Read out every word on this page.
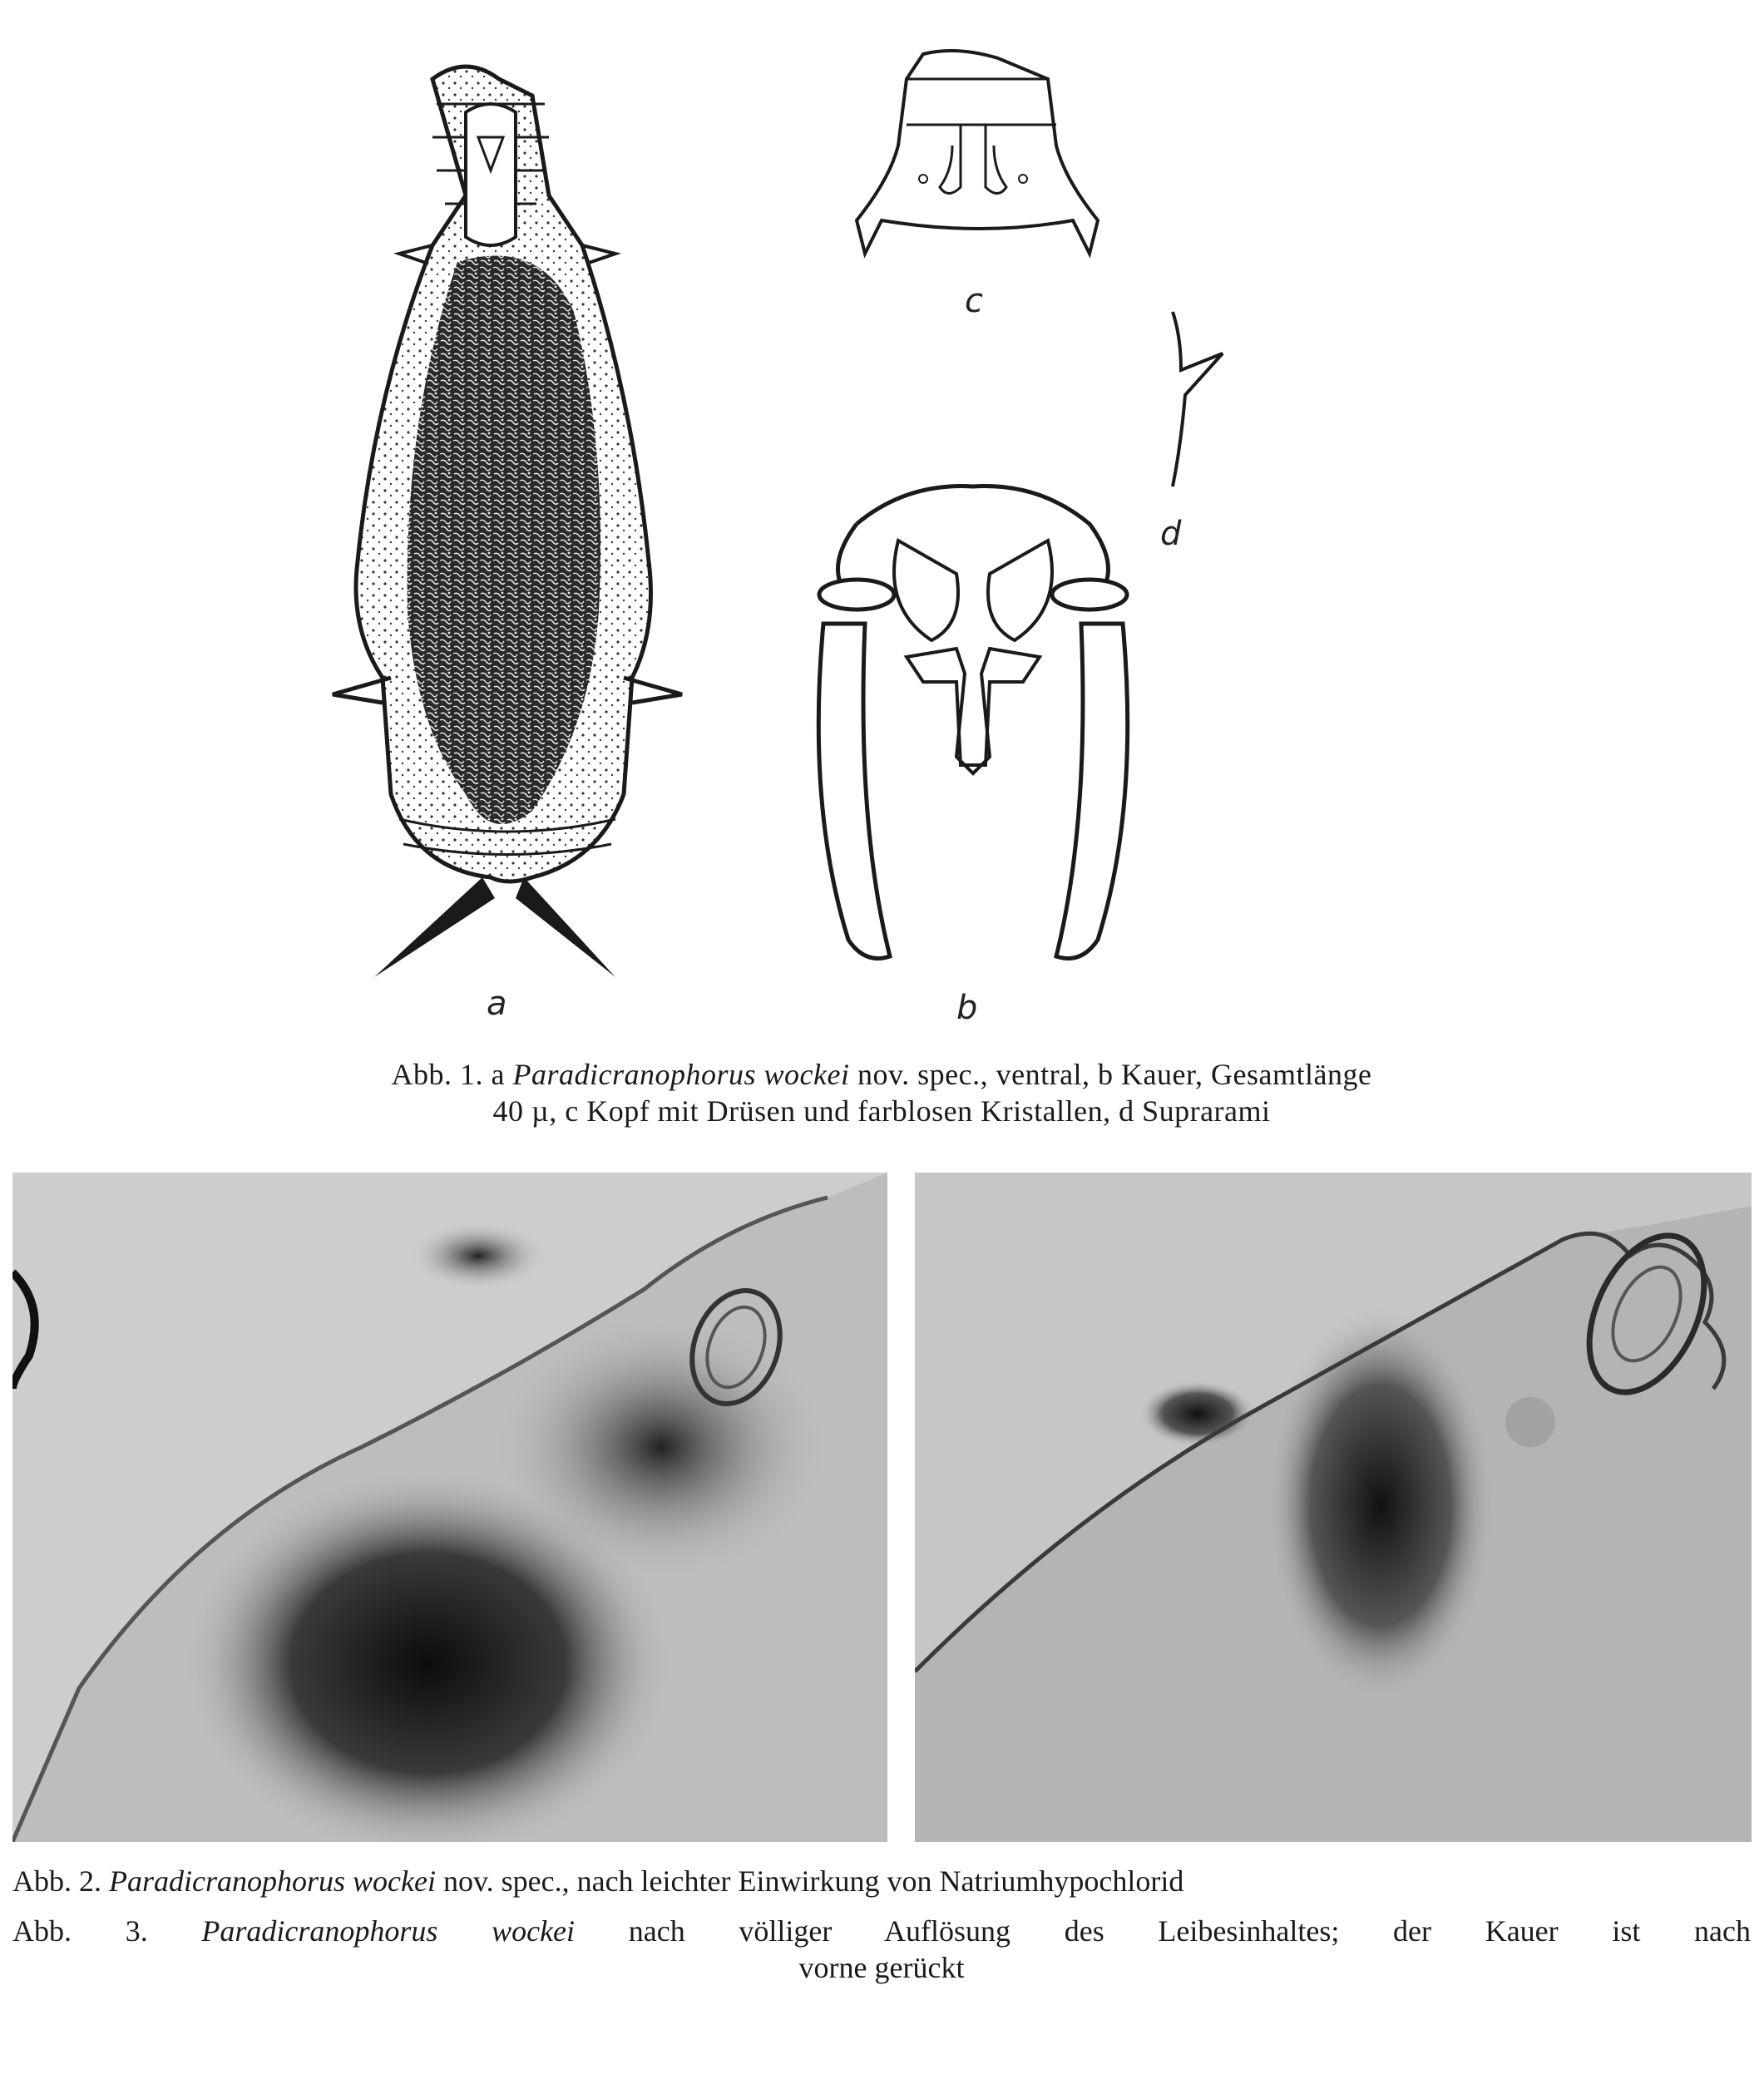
a
c
d
b
Abb. 1. a Paradicranophorus wockei nov. spec., ventral, b Kauer, Gesamtlänge
40 µ, c Kopf mit Drüsen und farblosen Kristallen, d Suprarami
Abb. 2. Paradicranophorus wockei nov. spec., nach leichter Einwirkung von Natriumhypochlorid
Abb. 3. Paradicranophorus wockei nach völliger Auflösung des Leibesinhaltes; der Kauer ist nach
vorne gerückt
